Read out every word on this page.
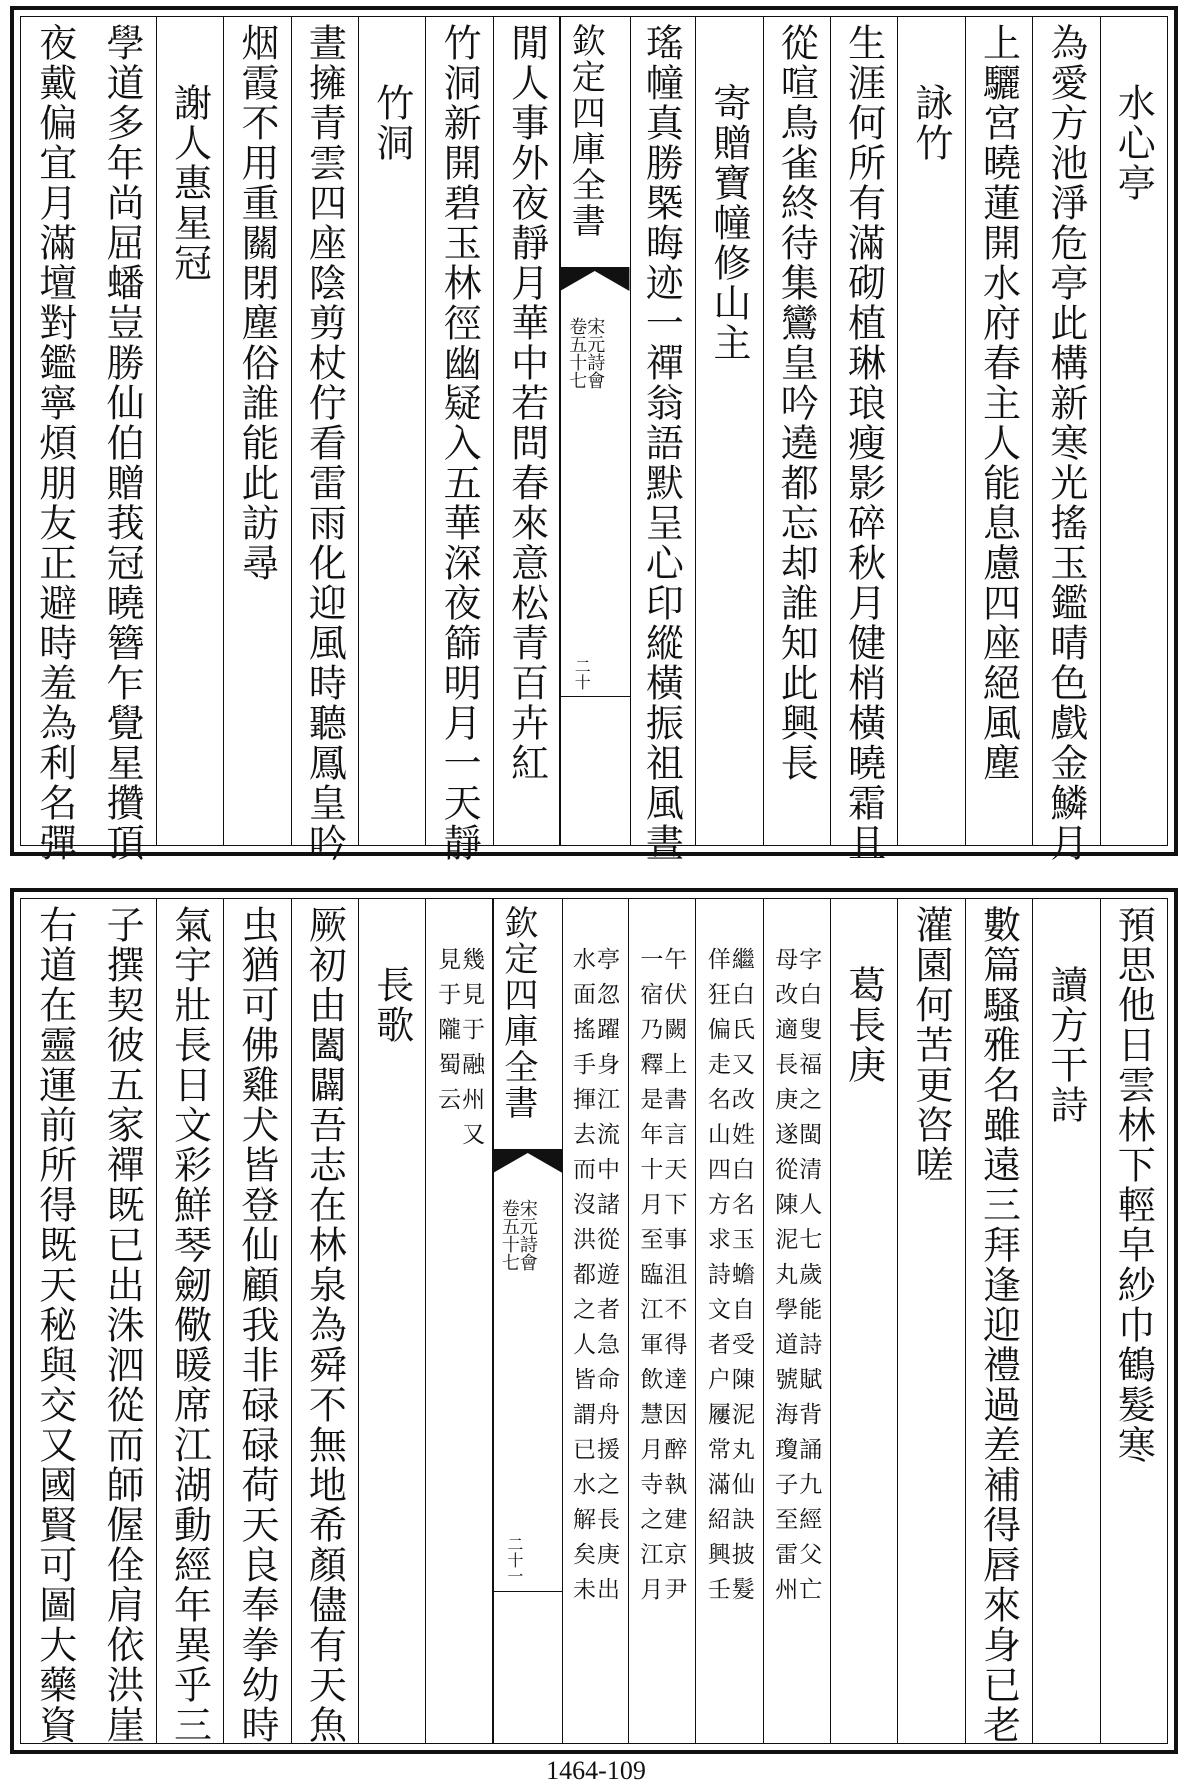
水心亭
為愛方池淨危亭此構新寒光搖玉鑑晴色戲金鱗月
上驪宮曉蓮開水府春主人能息慮四座絕風塵
詠竹
生涯何所有滿砌植琳琅瘦影碎秋月健梢橫曉霜且
從喧鳥雀終待集鸞皇吟遶都忘却誰知此興長
寄贈寶幢修山主
瑤幢真勝槩晦迹一禪翁語默呈心印縱橫振祖風晝
欽定四庫全書
宋元詩會
卷五十七
二十
閒人事外夜靜月華中若問春來意松青百卉紅
竹洞新開碧玉林徑幽疑入五華深夜篩明月一天靜
竹洞
晝擁青雲四座陰剪杖佇看雷雨化迎風時聽鳳皇吟
烟霞不用重關閉塵俗誰能此訪尋
謝人惠星冠
學道多年尚屈蟠豈勝仙伯贈莪冠曉簪乍覺星攢頂
夜戴偏宜月滿壇對鑑寧煩朋友正避時羞為利名彈
預思他日雲林下輕皁紗巾鶴髮寒
讀方干詩
數篇騷雅名雖遠三拜逢迎禮過差補得唇來身已老
灌園何苦更咨嗟
葛長庚
字白叟福之閩清人七歲能詩賦背誦九經父亡
母改適長庚遂從陳泥丸學道號海瓊子至雷州
繼白氏又改姓白名玉蟾自受陳泥丸仙訣披髮
佯狂偏走名山四方求詩文者户屨常滿紹興壬
午伏闕上書言天下事沮不得達因醉執建京尹
一宿乃釋是年十月至臨江軍飲慧月寺之江月
亭忽躍身江流中諸從遊者急命舟援之長庚出
水面搖手揮去而沒洪都之人皆謂已水解矣未
欽定四庫全書
宋元詩會
卷五十七
二十一
幾見于融州又
見于隴蜀云
長歌
厥初由闔闢吾志在林泉為舜不無地希顏儘有天魚
虫猶可佛雞犬皆登仙顧我非碌碌荷天良奉拳幼時
氣宇壯長日文彩鮮琴劒儆暖席江湖動經年異乎三
子撰契彼五家禪既已出洙泗從而師偓佺肩依洪崖
右道在靈運前所得既天秘與交又國賢可圖大藥資
1464-109
